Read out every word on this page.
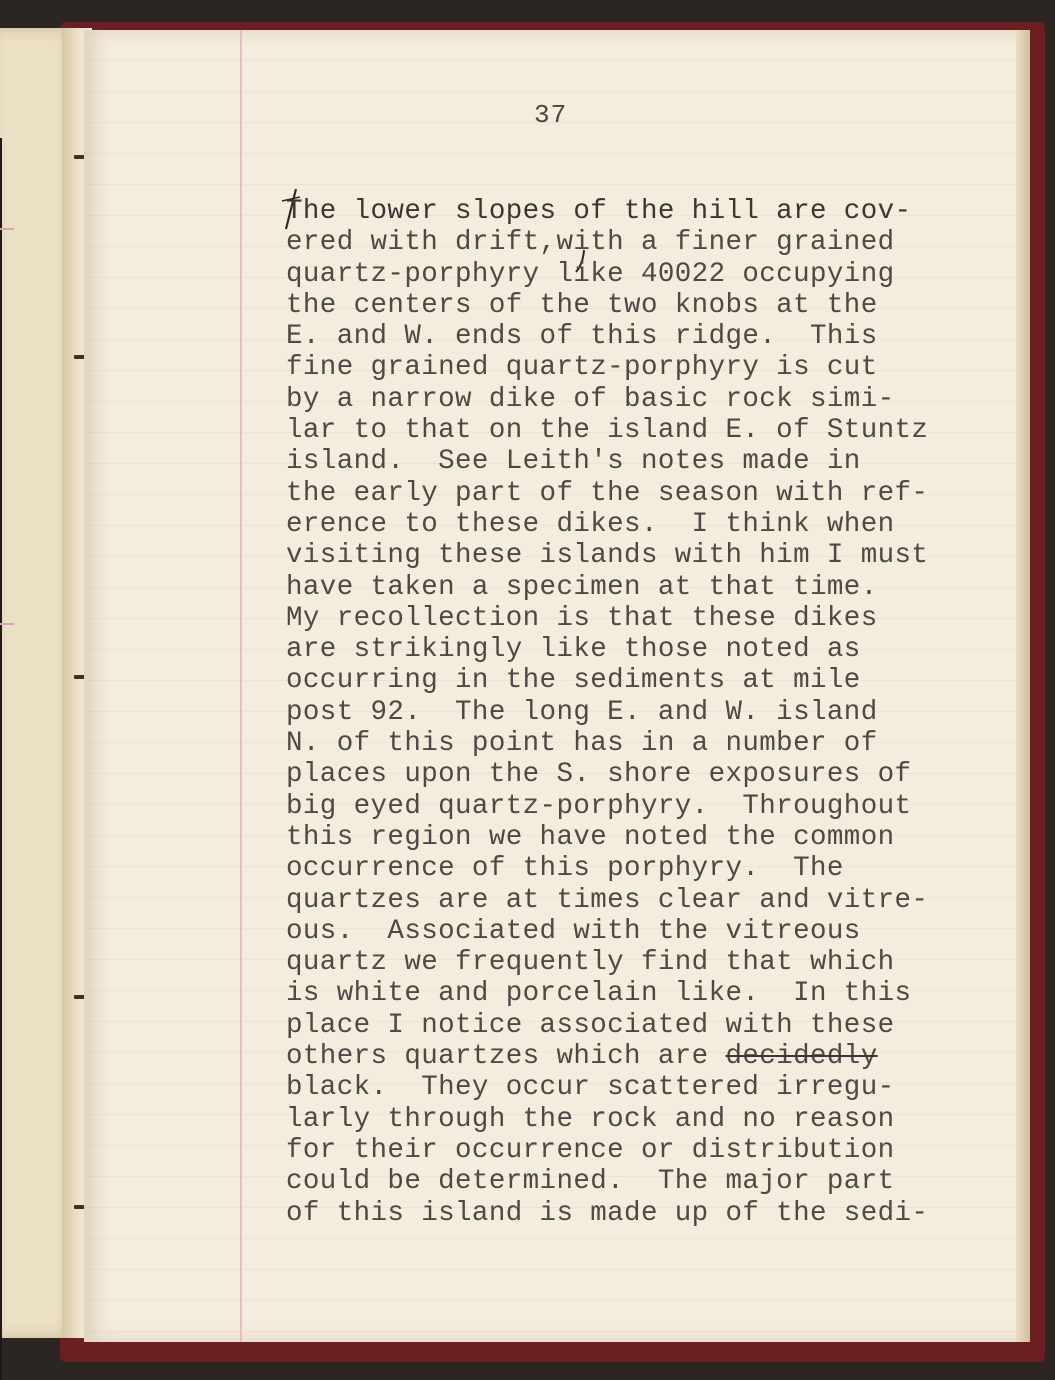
37
The lower slopes of the hill are cov-
ered with drift,with a finer grained
quartz-porphyry like 40022 occupying
the centers of the two knobs at the
E. and W. ends of this ridge.  This
fine grained quartz-porphyry is cut
by a narrow dike of basic rock simi-
lar to that on the island E. of Stuntz
island.  See Leith's notes made in
the early part of the season with ref-
erence to these dikes.  I think when
visiting these islands with him I must
have taken a specimen at that time.
My recollection is that these dikes
are strikingly like those noted as
occurring in the sediments at mile
post 92.  The long E. and W. island
N. of this point has in a number of
places upon the S. shore exposures of
big eyed quartz-porphyry.  Throughout
this region we have noted the common
occurrence of this porphyry.  The
quartzes are at times clear and vitre-
ous.  Associated with the vitreous
quartz we frequently find that which
is white and porcelain like.  In this
place I notice associated with these
others quartzes which are decidedly
black.  They occur scattered irregu-
larly through the rock and no reason
for their occurrence or distribution
could be determined.  The major part
of this island is made up of the sedi-
